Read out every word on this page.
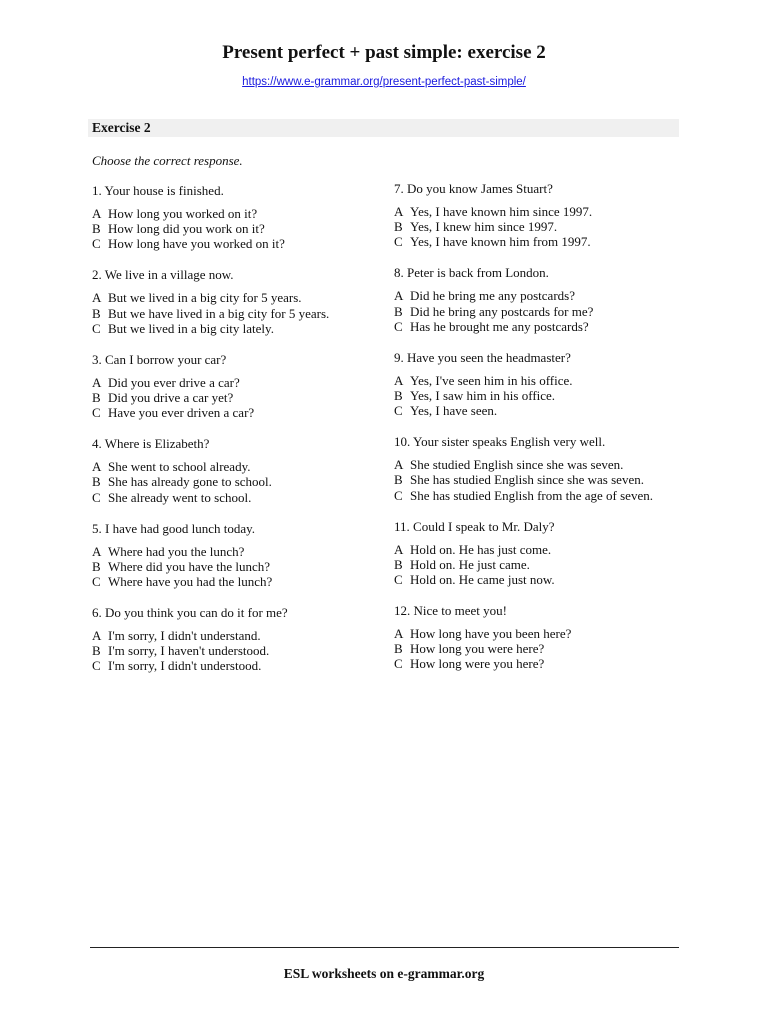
Present perfect + past simple: exercise 2
https://www.e-grammar.org/present-perfect-past-simple/
Exercise 2
Choose the correct response.
1. Your house is finished.
A How long you worked on it?
B How long did you work on it?
C How long have you worked on it?
2. We live in a village now.
A But we lived in a big city for 5 years.
B But we have lived in a big city for 5 years.
C But we lived in a big city lately.
3. Can I borrow your car?
A Did you ever drive a car?
B Did you drive a car yet?
C Have you ever driven a car?
4. Where is Elizabeth?
A She went to school already.
B She has already gone to school.
C She already went to school.
5. I have had good lunch today.
A Where had you the lunch?
B Where did you have the lunch?
C Where have you had the lunch?
6. Do you think you can do it for me?
A I'm sorry, I didn't understand.
B I'm sorry, I haven't understood.
C I'm sorry, I didn't understood.
7. Do you know James Stuart?
A Yes, I have known him since 1997.
B Yes, I knew him since 1997.
C Yes, I have known him from 1997.
8. Peter is back from London.
A Did he bring me any postcards?
B Did he bring any postcards for me?
C Has he brought me any postcards?
9. Have you seen the headmaster?
A Yes, I've seen him in his office.
B Yes, I saw him in his office.
C Yes, I have seen.
10. Your sister speaks English very well.
A She studied English since she was seven.
B She has studied English since she was seven.
C She has studied English from the age of seven.
11. Could I speak to Mr. Daly?
A Hold on. He has just come.
B Hold on. He just came.
C Hold on. He came just now.
12. Nice to meet you!
A How long have you been here?
B How long you were here?
C How long were you here?
ESL worksheets on e-grammar.org
